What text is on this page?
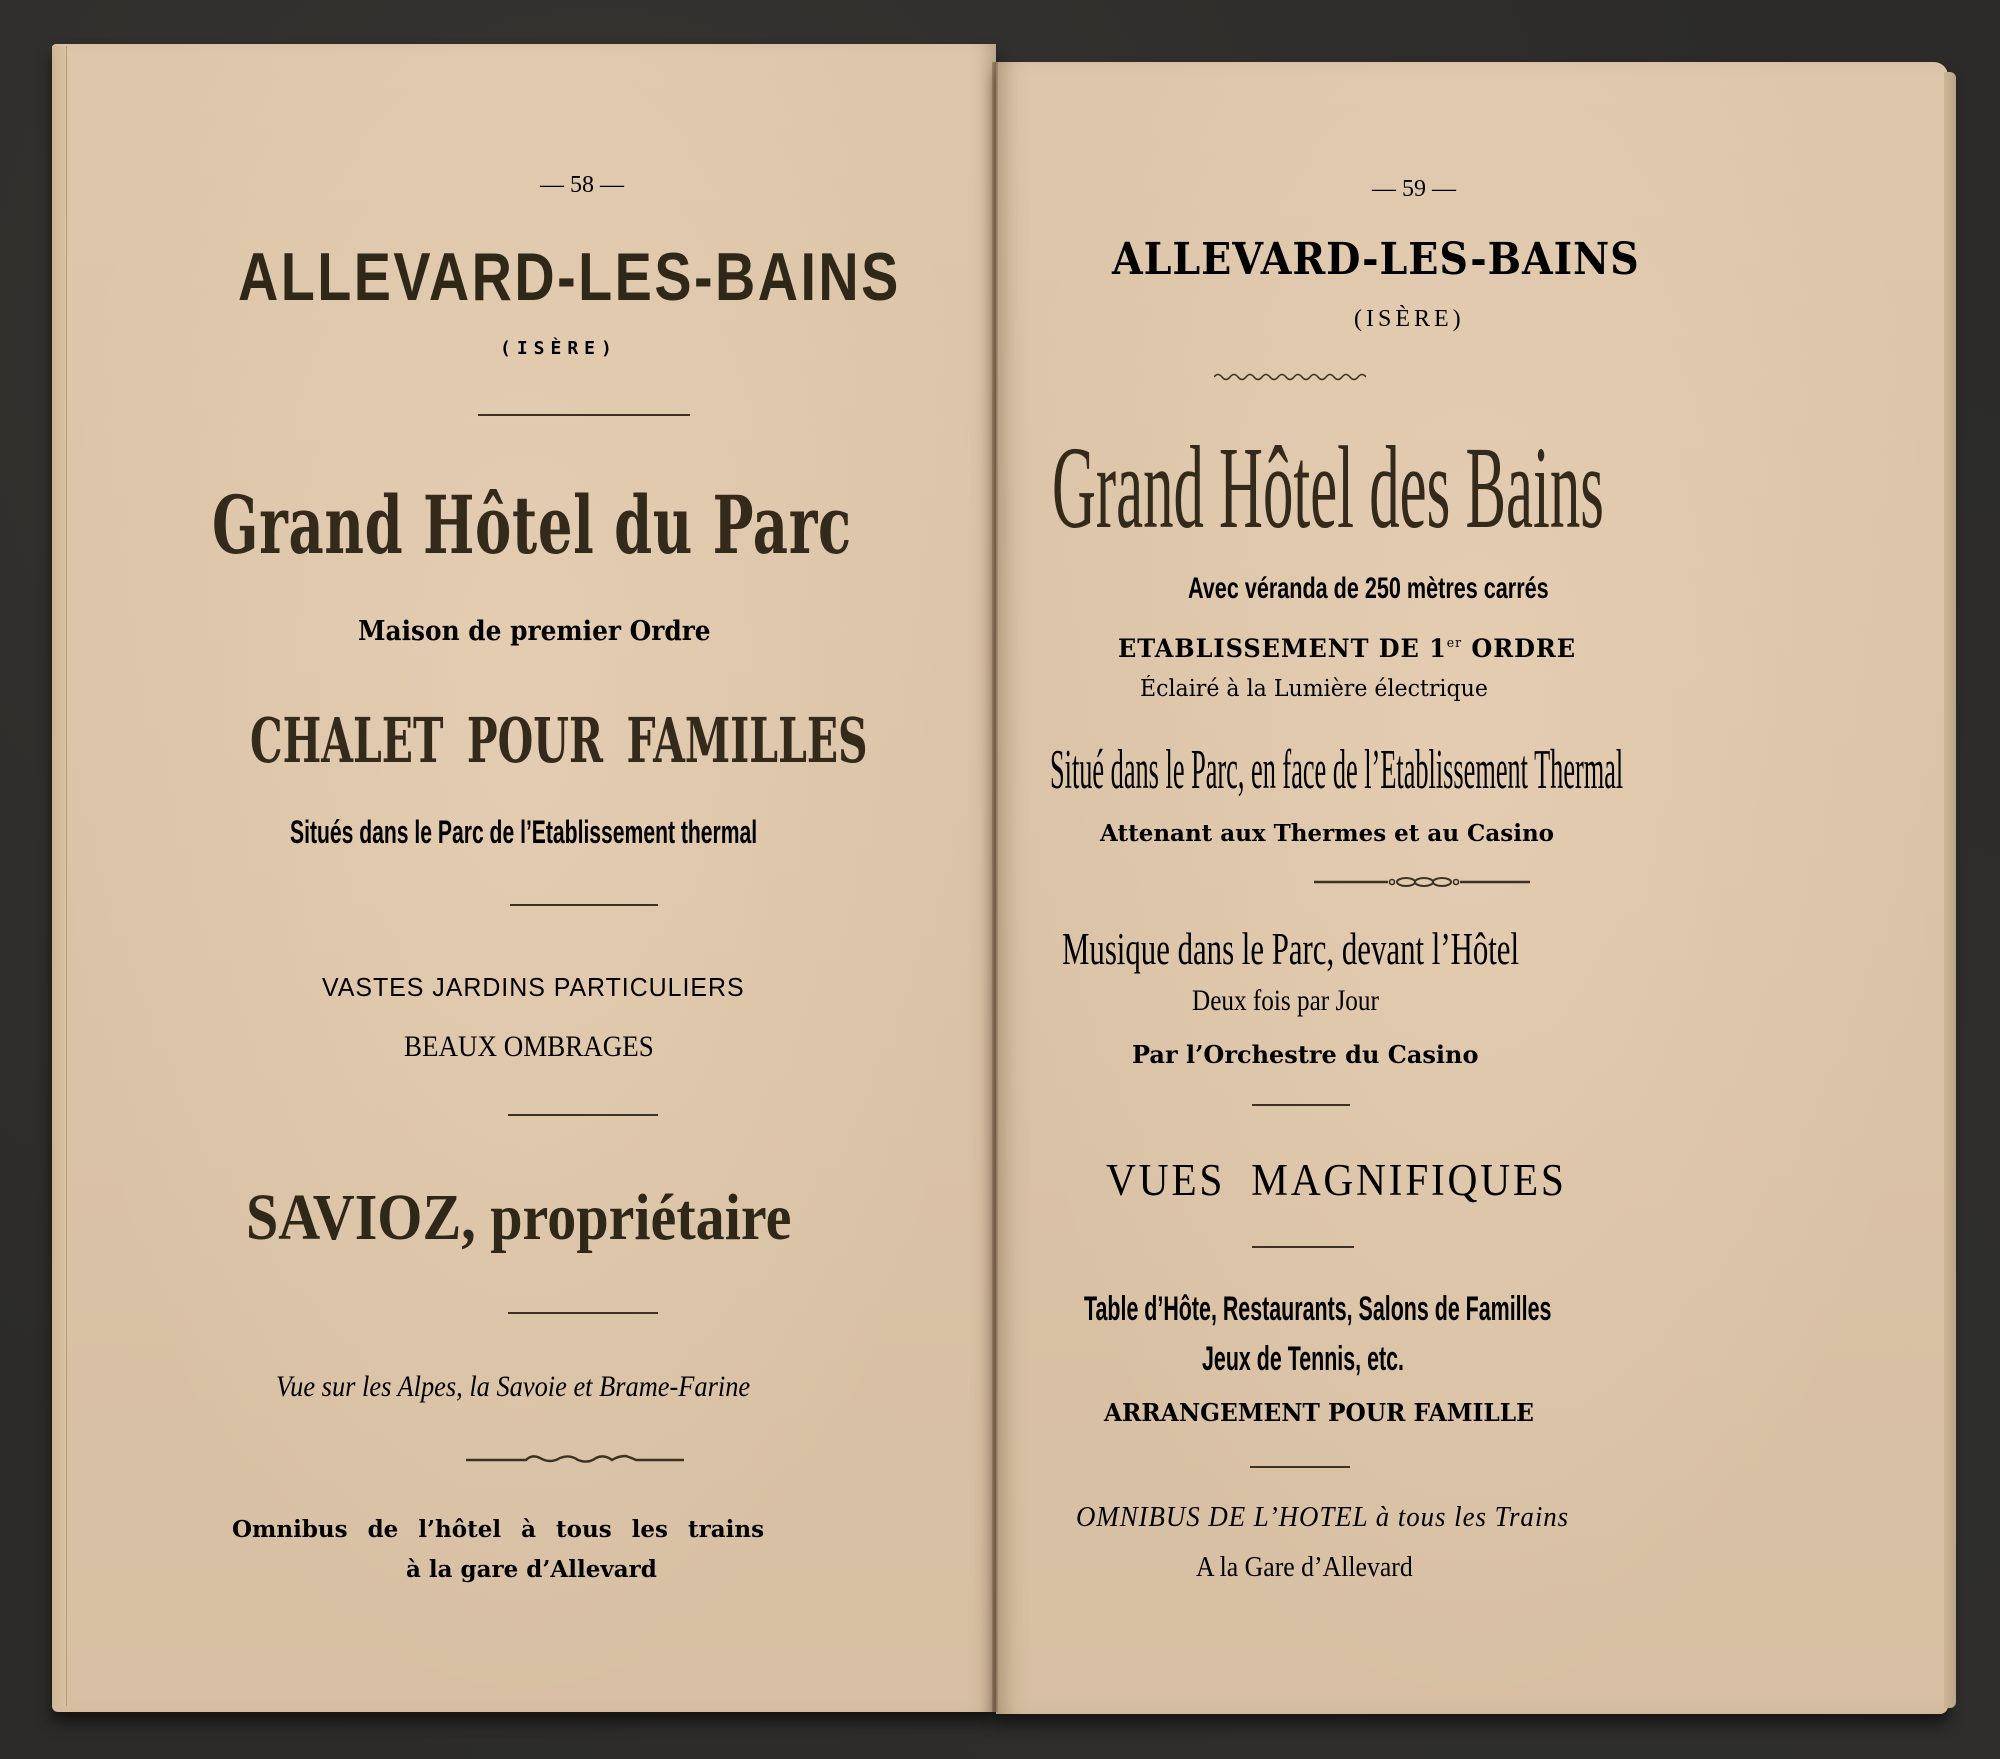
— 58 —
ALLEVARD-LES-BAINS
(ISÈRE)
Grand Hôtel du Parc
Maison de premier Ordre
CHALET POUR FAMILLES
Situés dans le Parc de l’Etablissement thermal
VASTES JARDINS PARTICULIERS
BEAUX OMBRAGES
SAVIOZ, propriétaire
Vue sur les Alpes, la Savoie et Brame-Farine
Omnibus de l’hôtel à tous les trains
à la gare d’Allevard
— 59 —
ALLEVARD-LES-BAINS
(ISÈRE)
Grand Hôtel des Bains
Avec véranda de 250 mètres carrés
ETABLISSEMENT DE 1er ORDRE
Éclairé à la Lumière électrique
Situé dans le Parc, en face de l’Etablissement Thermal
Attenant aux Thermes et au Casino
Musique dans le Parc, devant l’Hôtel
Deux fois par Jour
Par l’Orchestre du Casino
VUES MAGNIFIQUES
Table d’Hôte, Restaurants, Salons de Familles
Jeux de Tennis, etc.
ARRANGEMENT POUR FAMILLE
OMNIBUS DE L’HOTEL à tous les Trains
A la Gare d’Allevard
